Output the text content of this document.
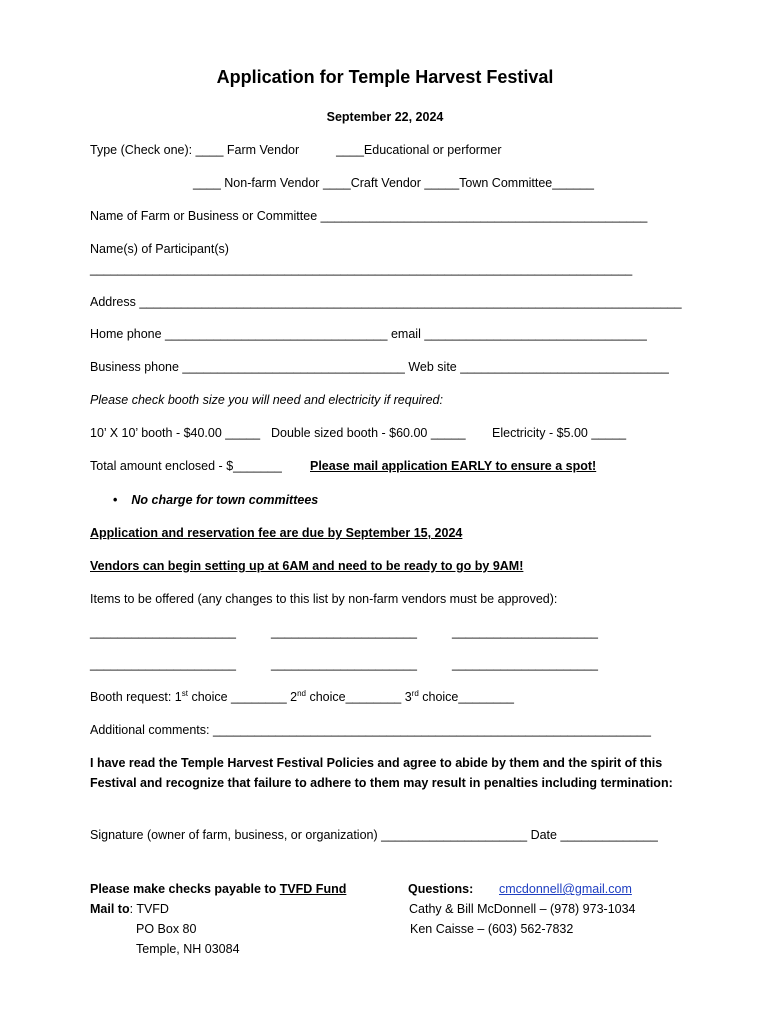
Application for Temple Harvest Festival
September 22, 2024
Type (Check one): ____ Farm Vendor	____Educational or performer
____ Non-farm Vendor ____Craft Vendor _____Town Committee______
Name of Farm or Business or Committee _______________________________________________
Name(s) of Participant(s)
______________________________________________________________________________
Address ______________________________________________________________________________
Home phone ________________________________ email ________________________________
Business phone ________________________________ Web site ______________________________
Please check booth size you will need and electricity if required:
10’ X 10’ booth - $40.00 _____ Double sized booth - $60.00 _____ Electricity - $5.00 _____
Total amount enclosed - $_______ Please mail application EARLY to ensure a spot!
• No charge for town committees
Application and reservation fee are due by September 15, 2024
Vendors can begin setting up at 6AM and need to be ready to go by 9AM!
Items to be offered (any changes to this list by non-farm vendors must be approved):
_____________________	_____________________	_____________________
_____________________	_____________________	_____________________
Booth request: 1st choice ________ 2nd choice________ 3rd choice________
Additional comments: _______________________________________________________________
I have read the Temple Harvest Festival Policies and agree to abide by them and the spirit of this
Festival and recognize that failure to adhere to them may result in penalties including termination:
Signature (owner of farm, business, or organization) _____________________ Date ______________
Please make checks payable to TVFD Fund
Mail to: TVFD
PO Box 80
Temple, NH 03084
Questions: cmcdonnell@gmail.com
Cathy & Bill McDonnell – (978) 973-1034
Ken Caisse – (603) 562-7832
